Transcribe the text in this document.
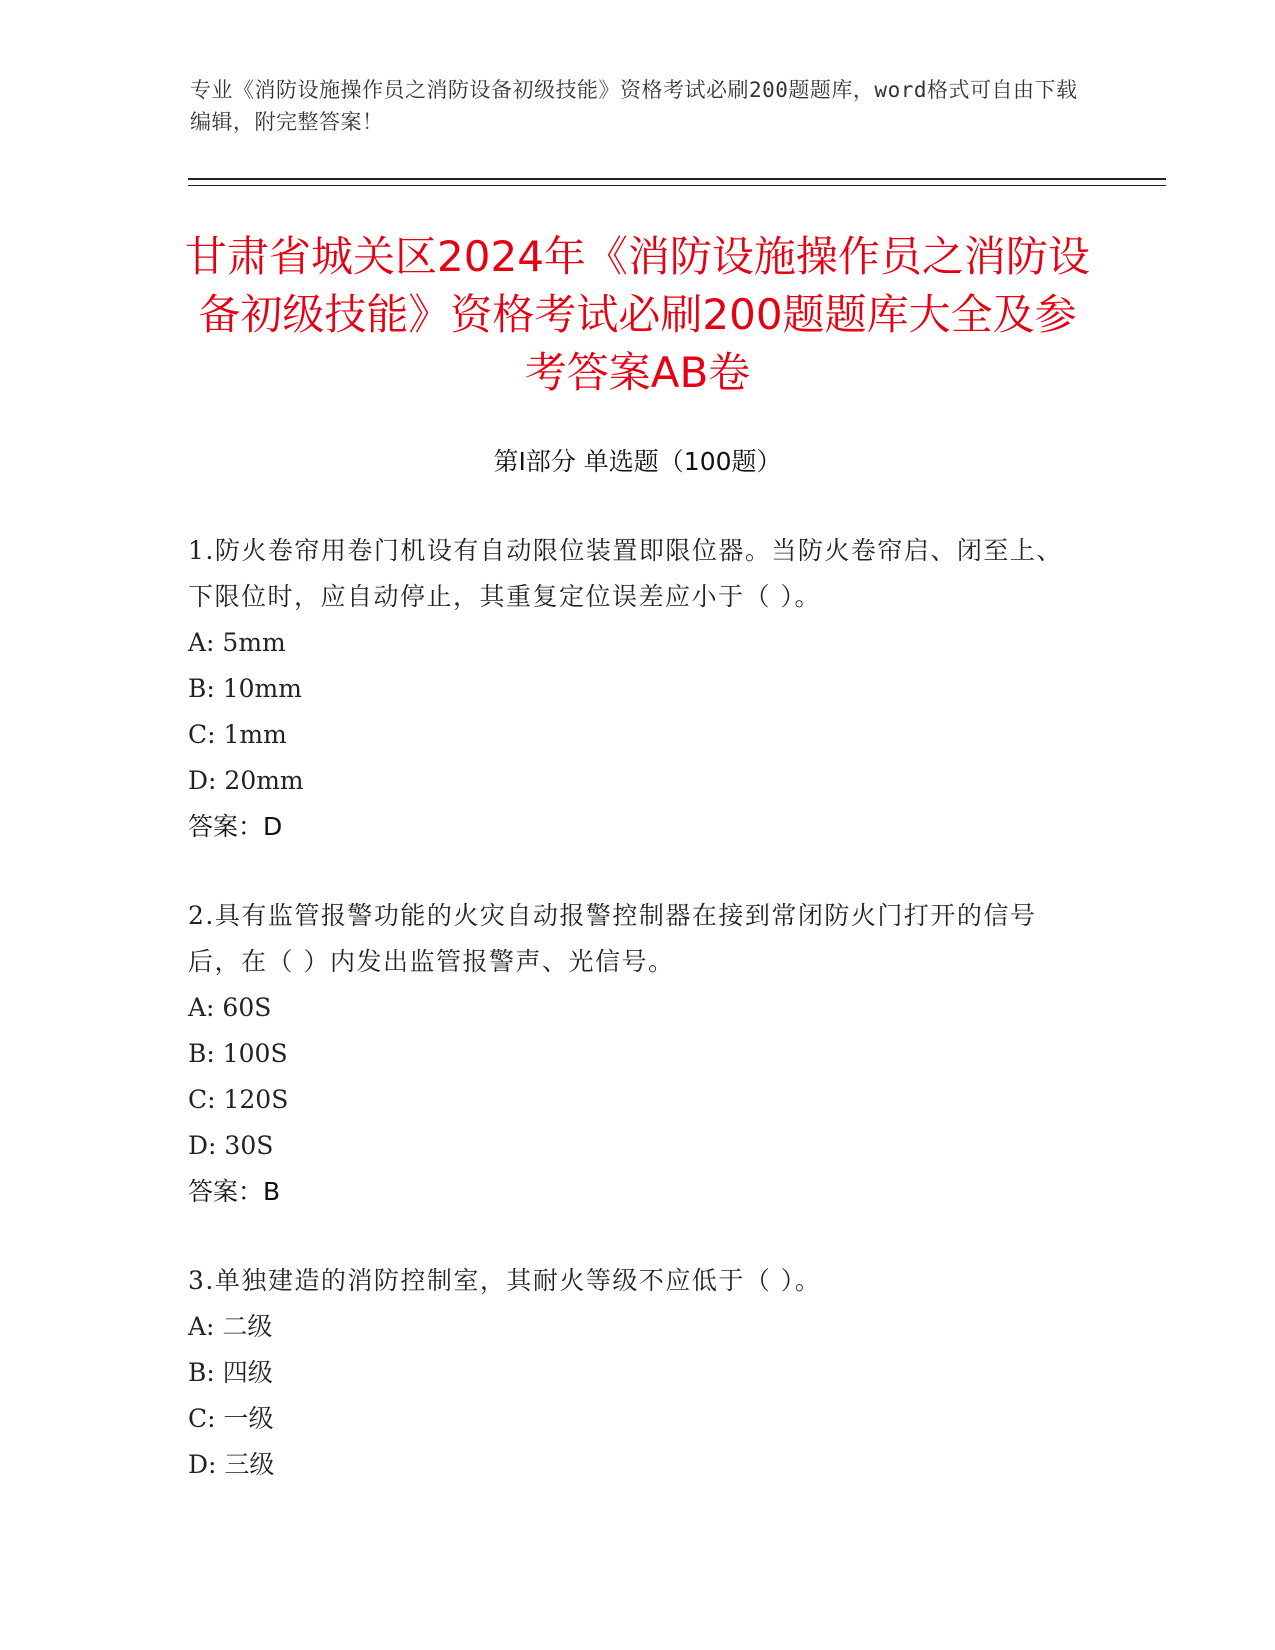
专业《消防设施操作员之消防设备初级技能》资格考试必刷200题题库，word格式可自由下载编辑，附完整答案！
甘肃省城关区2024年《消防设施操作员之消防设备初级技能》资格考试必刷200题题库大全及参考答案AB卷
第I部分 单选题（100题）

1.防火卷帘用卷门机设有自动限位装置即限位器。当防火卷帘启、闭至上、下限位时，应自动停止，其重复定位误差应小于（ ）。

A: 5mm

B: 10mm

C: 1mm

D: 20mm

答案：D

2.具有监管报警功能的火灾自动报警控制器在接到常闭防火门打开的信号后，在（ ）内发出监管报警声、光信号。

A: 60S

B: 100S

C: 120S

D: 30S

答案：B

3.单独建造的消防控制室，其耐火等级不应低于（ ）。

A: 二级

B: 四级

C: 一级

D: 三级
